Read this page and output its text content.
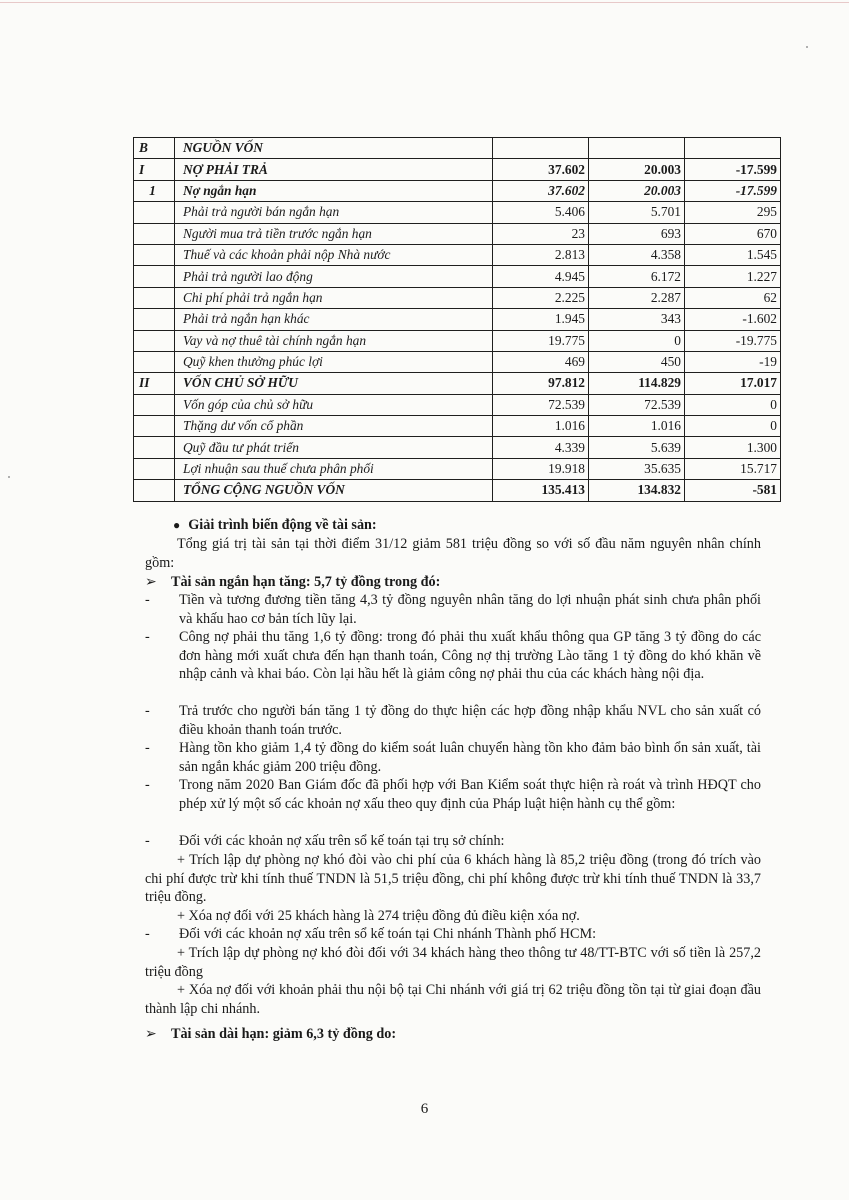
B	NGUỒN VỐN			
I	NỢ PHẢI TRẢ	37.602	20.003	-17.599
1	Nợ ngắn hạn	37.602	20.003	-17.599
	Phải trả người bán ngắn hạn	5.406	5.701	295
	Người mua trả tiền trước ngắn hạn	23	693	670
	Thuế và các khoản phải nộp Nhà nước	2.813	4.358	1.545
	Phải trả người lao động	4.945	6.172	1.227
	Chi phí phải trả ngắn hạn	2.225	2.287	62
	Phải trả ngắn hạn khác	1.945	343	-1.602
	Vay và nợ thuê tài chính ngắn hạn	19.775	0	-19.775
	Quỹ khen thưởng phúc lợi	469	450	-19
II	VỐN CHỦ SỞ HỮU	97.812	114.829	17.017
	Vốn góp của chủ sở hữu	72.539	72.539	0
	Thặng dư vốn cổ phần	1.016	1.016	0
	Quỹ đầu tư phát triển	4.339	5.639	1.300
	Lợi nhuận sau thuế chưa phân phối	19.918	35.635	15.717
	TỔNG CỘNG NGUỒN VỐN	135.413	134.832	-581
● Giải trình biến động về tài sản:
Tổng giá trị tài sản tại thời điểm 31/12 giảm 581 triệu đồng so với số đầu năm nguyên nhân chính gồm:
➢ Tài sản ngắn hạn tăng: 5,7 tỷ đồng trong đó:
- Tiền và tương đương tiền tăng 4,3 tỷ đồng nguyên nhân tăng do lợi nhuận phát sinh chưa phân phối và khấu hao cơ bản tích lũy lại.
- Công nợ phải thu tăng 1,6 tỷ đồng: trong đó phải thu xuất khẩu thông qua GP tăng 3 tỷ đồng do các đơn hàng mới xuất chưa đến hạn thanh toán, Công nợ thị trường Lào tăng 1 tỷ đồng do khó khăn về nhập cảnh và khai báo. Còn lại hầu hết là giảm công nợ phải thu của các khách hàng nội địa.
- Trả trước cho người bán tăng 1 tỷ đồng do thực hiện các hợp đồng nhập khẩu NVL cho sản xuất có điều khoản thanh toán trước.
- Hàng tồn kho giảm 1,4 tỷ đồng do kiểm soát luân chuyển hàng tồn kho đảm bảo bình ổn sản xuất, tài sản ngắn khác giảm 200 triệu đồng.
- Trong năm 2020 Ban Giám đốc đã phối hợp với Ban Kiểm soát thực hiện rà roát và trình HĐQT cho phép xử lý một số các khoản nợ xấu theo quy định của Pháp luật hiện hành cụ thể gồm:
- Đối với các khoản nợ xấu trên sổ kế toán tại trụ sở chính:
+ Trích lập dự phòng nợ khó đòi vào chi phí của 6 khách hàng là 85,2 triệu đồng (trong đó trích vào chi phí được trừ khi tính thuế TNDN là 51,5 triệu đồng, chi phí không được trừ khi tính thuế TNDN là 33,7 triệu đồng.
+ Xóa nợ đối với 25 khách hàng là 274 triệu đồng đủ điều kiện xóa nợ.
- Đối với các khoản nợ xấu trên sổ kế toán tại Chi nhánh Thành phố HCM:
+ Trích lập dự phòng nợ khó đòi đối với 34 khách hàng theo thông tư 48/TT-BTC với số tiền là 257,2 triệu đồng
+ Xóa nợ đối với khoản phải thu nội bộ tại Chi nhánh với giá trị 62 triệu đồng tồn tại từ giai đoạn đầu thành lập chi nhánh.
➢ Tài sản dài hạn: giảm 6,3 tỷ đồng do:
6
